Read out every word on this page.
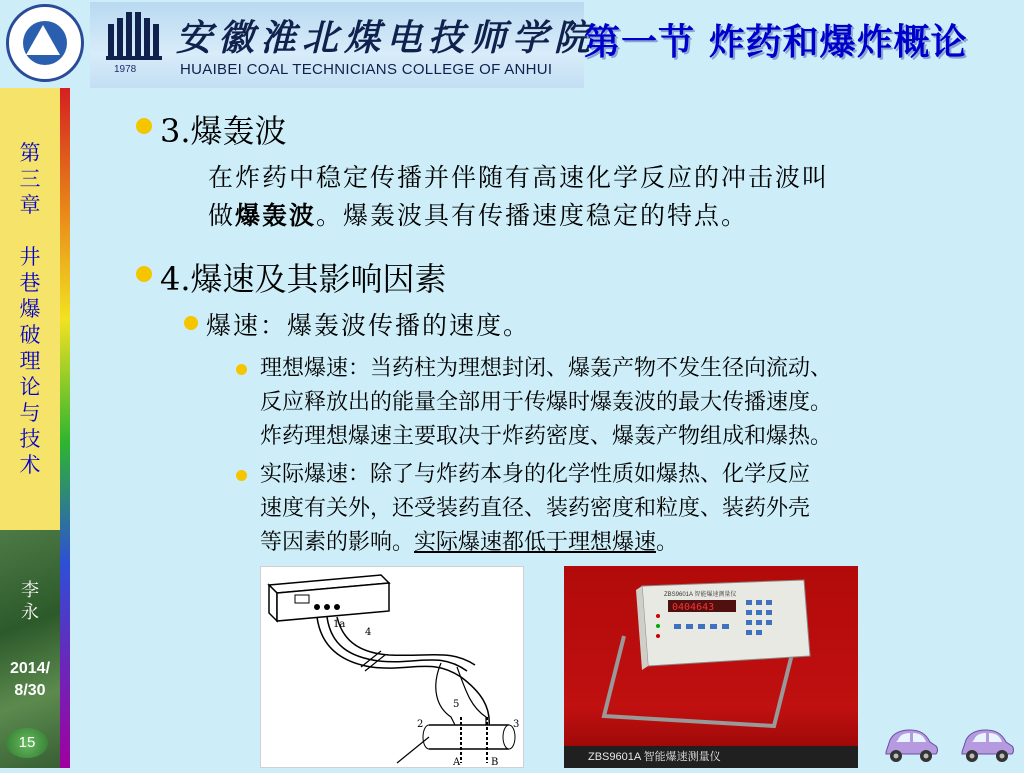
1978
安徽淮北煤电技师学院
HUAIBEI COAL TECHNICIANS COLLEGE OF ANHUI
第一节 炸药和爆炸概论
第
三
章

井
巷
爆
破
理
论
与
技
术
李
永
2014/
8/30
15
3.爆轰波
在炸药中稳定传播并伴随有高速化学反应的冲击波叫
做爆轰波。爆轰波具有传播速度稳定的特点。
4.爆速及其影响因素
爆速：爆轰波传播的速度。
理想爆速：当药柱为理想封闭、爆轰产物不发生径向流动、
反应释放出的能量全部用于传爆时爆轰波的最大传播速度。
炸药理想爆速主要取决于炸药密度、爆轰产物组成和爆热。
实际爆速：除了与炸药本身的化学性质如爆热、化学反应
速度有关外，还受装药直径、装药密度和粒度、装药外壳
等因素的影响。实际爆速都低于理想爆速。
1a
4
5
2	3
A	B
ZBS9601A 智能爆速测量仪
0404643
ZBS9601A 智能爆速测量仪
